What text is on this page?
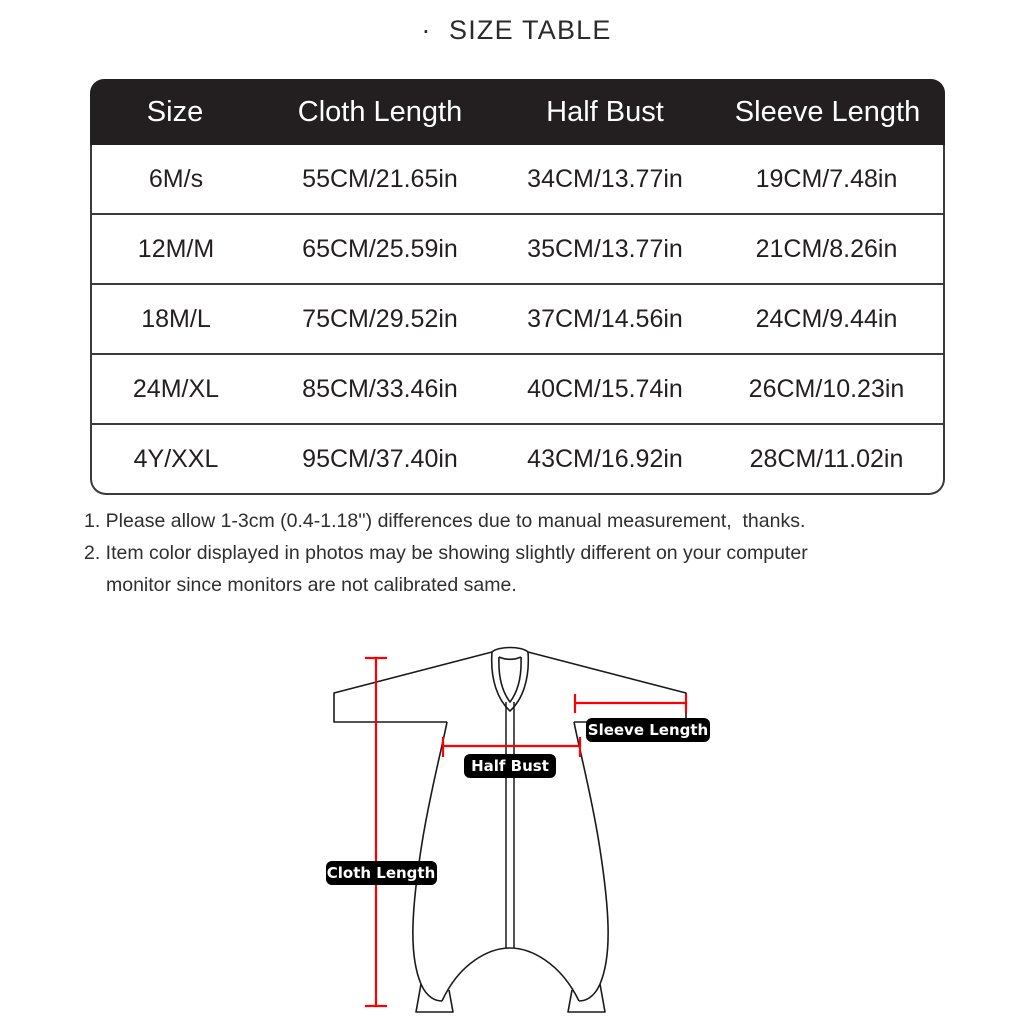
·  SIZE TABLE
Size	Cloth Length	Half Bust	Sleeve Length
6M/s	55CM/21.65in	34CM/13.77in	19CM/7.48in
12M/M	65CM/25.59in	35CM/13.77in	21CM/8.26in
18M/L	75CM/29.52in	37CM/14.56in	24CM/9.44in
24M/XL	85CM/33.46in	40CM/15.74in	26CM/10.23in
4Y/XXL	95CM/37.40in	43CM/16.92in	28CM/11.02in
1. Please allow 1-3cm (0.4-1.18'') differences due to manual measurement,  thanks.
2. Item color displayed in photos may be showing slightly different on your computer
monitor since monitors are not calibrated same.
Sleeve Length
Half Bust
Cloth Length
